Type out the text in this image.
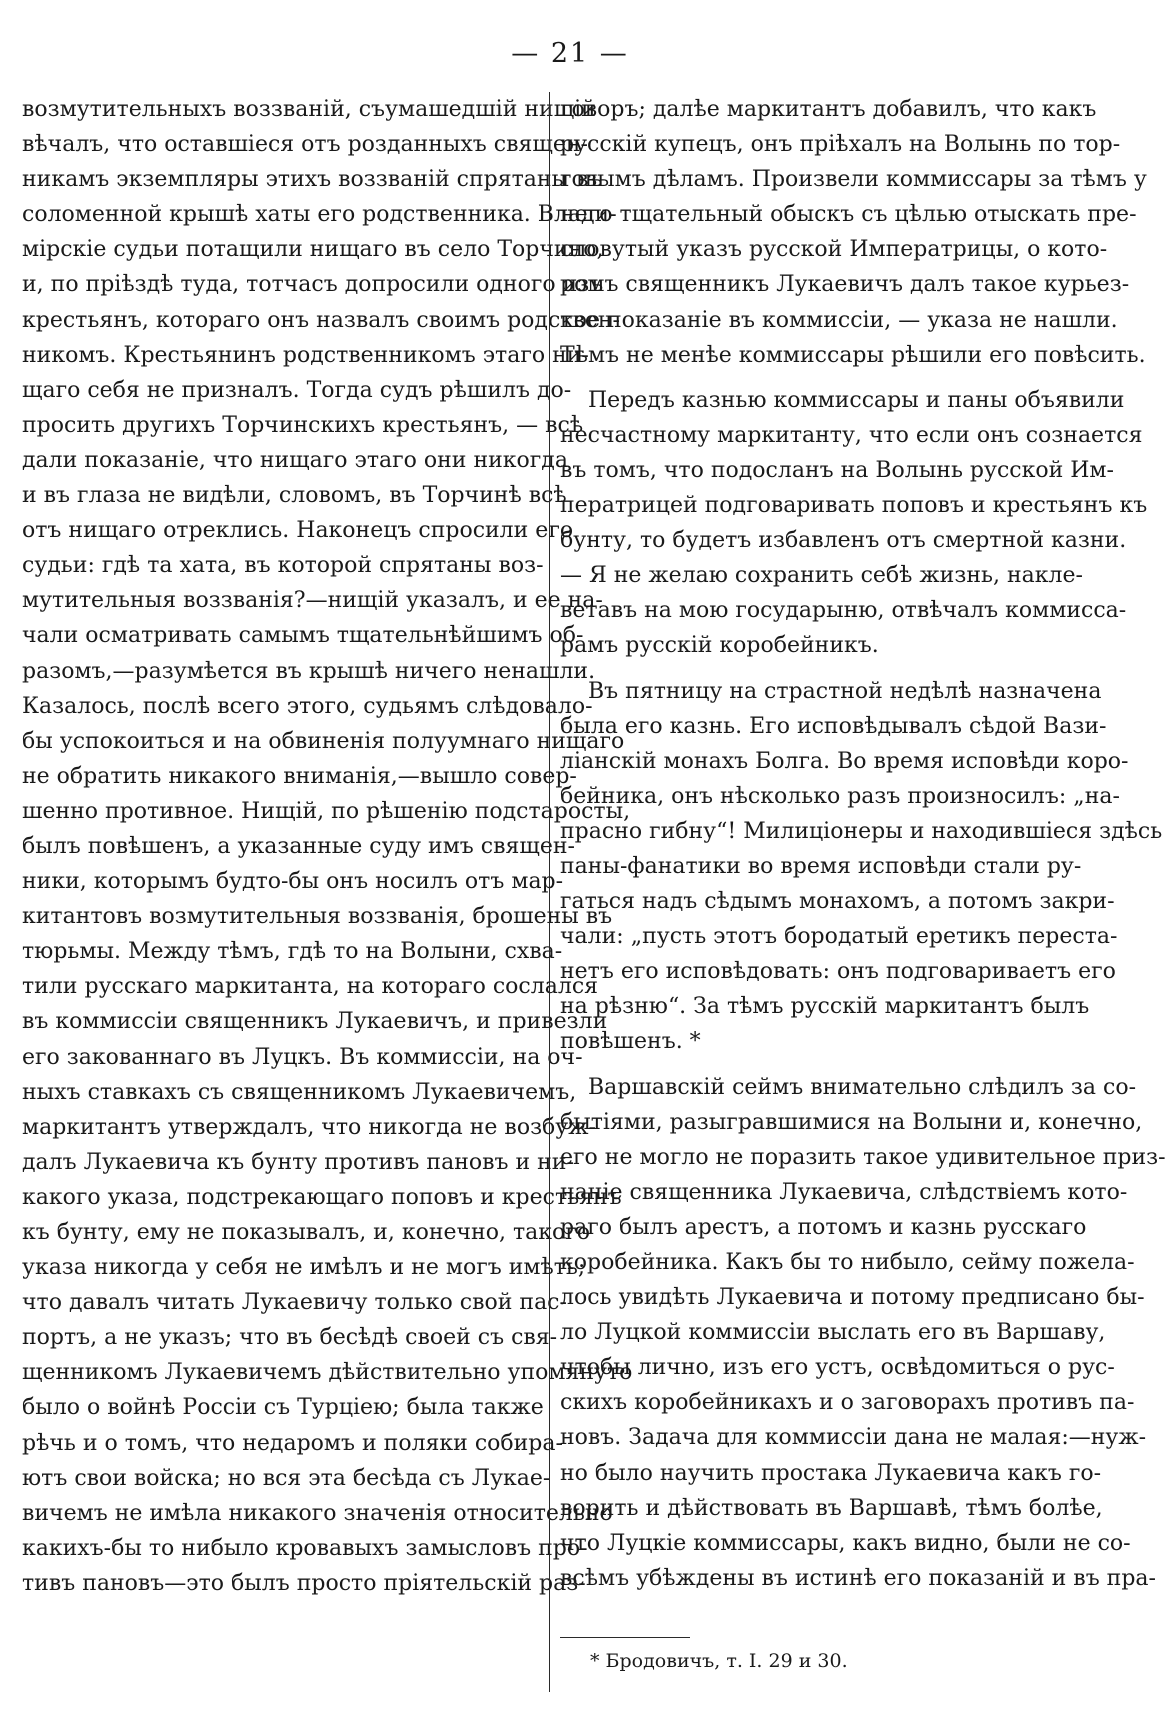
— 21 —
возмутительныхъ воззваній, съумашедшій нищій
вѣчалъ, что оставшіеся отъ розданныхъ священ-
никамъ экземпляры этихъ воззваній спрятаны въ
соломенной крышѣ хаты его родственника. Влади-
мірскіе судьи потащили нищаго въ село Торчино,
и, по пріѣздѣ туда, тотчасъ допросили одного изъ
крестьянъ, котораго онъ назвалъ своимъ родствен-
никомъ. Крестьянинъ родственникомъ этаго ни-
щаго себя не призналъ. Тогда судъ рѣшилъ до-
просить другихъ Торчинскихъ крестьянъ, — всѣ
дали показаніе, что нищаго этаго они никогда
и въ глаза не видѣли, словомъ, въ Торчинѣ всѣ
отъ нищаго отреклись. Наконецъ спросили его
судьи: гдѣ та хата, въ которой спрятаны воз-
мутительныя воззванія?—нищій указалъ, и ее на-
чали осматривать самымъ тщательнѣйшимъ об-
разомъ,—разумѣется въ крышѣ ничего ненашли.
Казалось, послѣ всего этого, судьямъ слѣдовало-
бы успокоиться и на обвиненія полуумнаго нищаго
не обратить никакого вниманія,—вышло совер-
шенно противное. Нищій, по рѣшенію подстаросты,
былъ повѣшенъ, а указанные суду имъ священ-
ники, которымъ будто-бы онъ носилъ отъ мар-
китантовъ возмутительныя воззванія, брошены въ
тюрьмы. Между тѣмъ, гдѣ то на Волыни, схва-
тили русскаго маркитанта, на котораго сослался
въ коммиссіи священникъ Лукаевичъ, и привезли
его закованнаго въ Луцкъ. Въ коммиссіи, на оч-
ныхъ ставкахъ съ священникомъ Лукаевичемъ,
маркитантъ утверждалъ, что никогда не возбуж-
далъ Лукаевича къ бунту противъ пановъ и ни-
какого указа, подстрекающаго поповъ и крестьянъ
къ бунту, ему не показывалъ, и, конечно, такого
указа никогда у себя не имѣлъ и не могъ имѣть;
что давалъ читать Лукаевичу только свой пас-
портъ, а не указъ; что въ бесѣдѣ своей съ свя-
щенникомъ Лукаевичемъ дѣйствительно упомянуто
было о войнѣ Россіи съ Турціею; была также
рѣчь и о томъ, что недаромъ и поляки собира-
ютъ свои войска; но вся эта бесѣда съ Лукае-
вичемъ не имѣла никакого значенія относительно
какихъ-бы то нибыло кровавыхъ замысловъ про-
тивъ пановъ—это былъ просто пріятельскій раз-
говоръ; далѣе маркитантъ добавилъ, что какъ
русскій купецъ, онъ пріѣхалъ на Волынь по тор-
говымъ дѣламъ. Произвели коммиссары за тѣмъ у
него тщательный обыскъ съ цѣлью отыскать пре-
словутый указъ русской Императрицы, о кото-
ромъ священникъ Лукаевичъ далъ такое курьез-
кое показаніе въ коммиссіи, — указа не нашли.
Тѣмъ не менѣе коммиссары рѣшили его повѣсить.
Передъ казнью коммиссары и паны объявили
несчастному маркитанту, что если онъ сознается
въ томъ, что подосланъ на Волынь русской Им-
ператрицей подговаривать поповъ и крестьянъ къ
бунту, то будетъ избавленъ отъ смертной казни.
— Я не желаю сохранить себѣ жизнь, накле-
ветавъ на мою государыню, отвѣчалъ коммисса-
рамъ русскій коробейникъ.
Въ пятницу на страстной недѣлѣ назначена
была его казнь. Его исповѣдывалъ сѣдой Вази-
ліанскій монахъ Болга. Во время исповѣди коро-
бейника, онъ нѣсколько разъ произносилъ: „на-
прасно гибну“! Милиціонеры и находившіеся здѣсь
паны-фанатики во время исповѣди стали ру-
гаться надъ сѣдымъ монахомъ, а потомъ закри-
чали: „пусть этотъ бородатый еретикъ переста-
нетъ его исповѣдовать: онъ подговариваетъ его
на рѣзню“. За тѣмъ русскій маркитантъ былъ
повѣшенъ. *
Варшавскій сеймъ внимательно слѣдилъ за со-
бытіями, разыгравшимися на Волыни и, конечно,
его не могло не поразить такое удивительное приз-
наніе священника Лукаевича, слѣдствіемъ кото-
раго былъ арестъ, а потомъ и казнь русскаго
коробейника. Какъ бы то нибыло, сейму пожела-
лось увидѣть Лукаевича и потому предписано бы-
ло Луцкой коммиссіи выслать его въ Варшаву,
чтобы лично, изъ его устъ, освѣдомиться о рус-
скихъ коробейникахъ и о заговорахъ противъ па-
новъ. Задача для коммиссіи дана не малая:—нуж-
но было научить простака Лукаевича какъ го-
ворить и дѣйствовать въ Варшавѣ, тѣмъ болѣе,
что Луцкіе коммиссары, какъ видно, были не со-
всѣмъ убѣждены въ истинѣ его показаній и въ пра-
* Бродовичъ, т. I. 29 и 30.
